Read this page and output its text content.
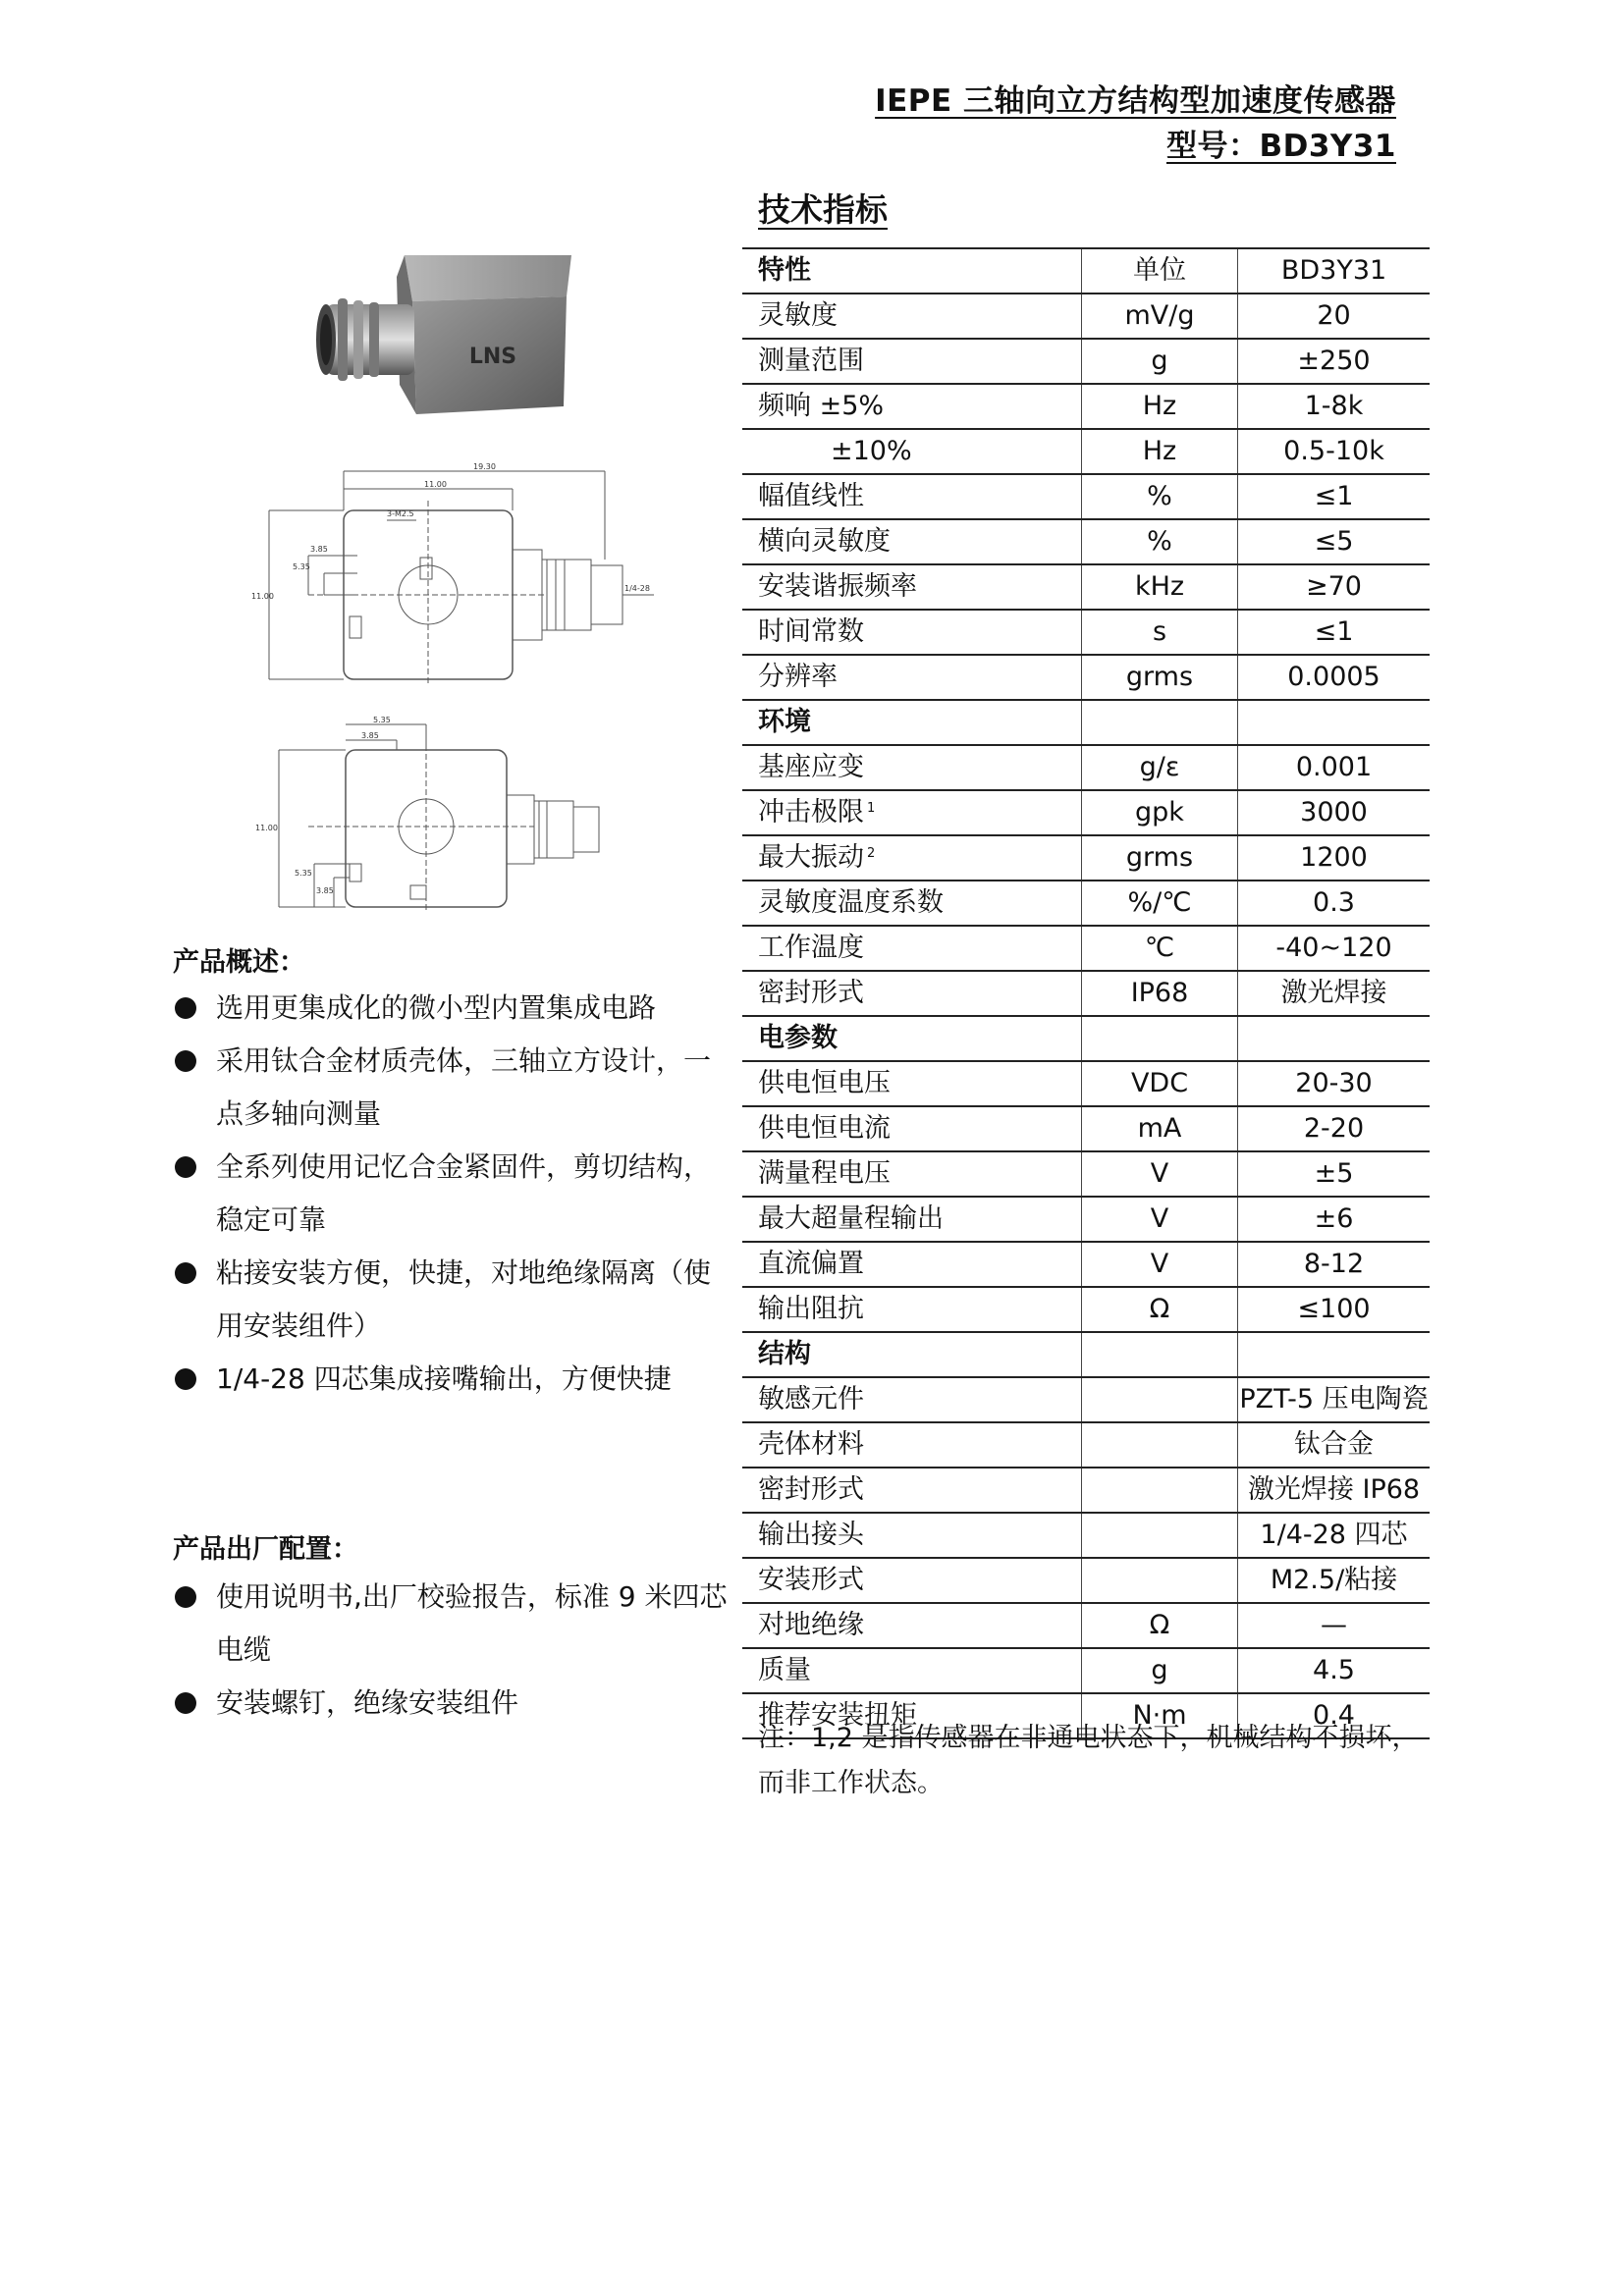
IEPE 三轴向立方结构型加速度传感器
型号：BD3Y31
LNS
19.30
11.00
3-M2.5
3.85
5.35
11.00
1/4-28
5.35
3.85
11.00
5.35
3.85
产品概述：
选用更集成化的微小型内置集成电路
采用钛合金材质壳体，三轴立方设计，一点多轴向测量
全系列使用记忆合金紧固件，剪切结构，稳定可靠
粘接安装方便，快捷，对地绝缘隔离（使用安装组件）
1/4-28 四芯集成接嘴输出，方便快捷
产品出厂配置：
使用说明书,出厂校验报告，标准 9 米四芯电缆
安装螺钉，绝缘安装组件
技术指标
特性	单位	BD3Y31
灵敏度	mV/g	20
测量范围	g	±250
频响 ±5%	Hz	1-8k
±10%	Hz	0.5-10k
幅值线性	%	≤1
横向灵敏度	%	≤5
安装谐振频率	kHz	≥70
时间常数	s	≤1
分辨率	grms	0.0005
环境		
基座应变	g/ε	0.001
冲击极限 $^1$	gpk	3000
最大振动 $^2$	grms	1200
灵敏度温度系数	%/℃	0.3
工作温度	℃	-40~120
密封形式	IP68	激光焊接
电参数		
供电恒电压	VDC	20-30
供电恒电流	mA	2-20
满量程电压	V	±5
最大超量程输出	V	±6
直流偏置	V	8-12
输出阻抗	Ω	≤100
结构		
敏感元件		PZT-5 压电陶瓷
壳体材料		钛合金
密封形式		激光焊接 IP68
输出接头		1/4-28 四芯
安装形式		M2.5/粘接
对地绝缘	Ω	—
质量	g	4.5
推荐安装扭矩	N·m	0.4
注：1,2 是指传感器在非通电状态下，机械结构不损坏，而非工作状态。
